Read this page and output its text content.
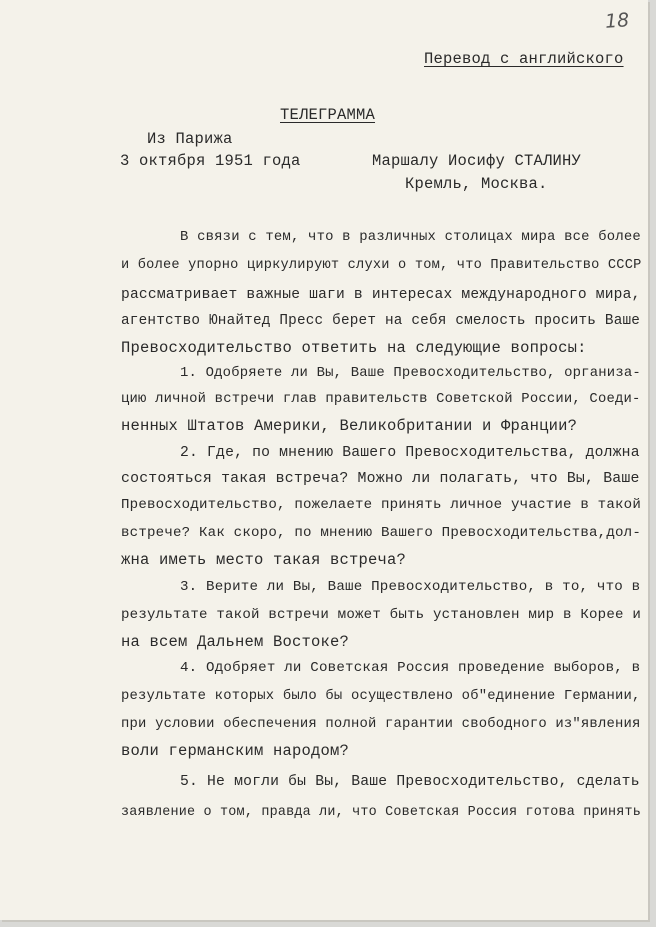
18
Перевод с английского
ТЕЛЕГРАММА
Из Парижа
3 октября 1951 года	Маршалу Иосифу СТАЛИНУ
Кремль, Москва.
В связи с тем, что в различных столицах мира все более
и более упорно циркулируют слухи о том, что Правительство СССР
рассматривает важные шаги в интересах международного мира,
агентство Юнайтед Пресс берет на себя смелость просить Ваше
Превосходительство ответить на следующие вопросы:
1. Одобряете ли Вы, Ваше Превосходительство, организа-
цию личной встречи глав правительств Советской России, Соеди-
ненных Штатов Америки, Великобритании и Франции?
2. Где, по мнению Вашего Превосходительства, должна
состояться такая встреча? Можно ли полагать, что Вы, Ваше
Превосходительство, пожелаете принять личное участие в такой
встрече? Как скоро, по мнению Вашего Превосходительства,дол-
жна иметь место такая встреча?
3. Верите ли Вы, Ваше Превосходительство, в то, что в
результате такой встречи может быть установлен мир в Корее и
на всем Дальнем Востоке?
4. Одобряет ли Советская Россия проведение выборов, в
результате которых было бы осуществлено об"единение Германии,
при условии обеспечения полной гарантии свободного из"явления
воли германским народом?
5. Не могли бы Вы, Ваше Превосходительство, сделать
заявление о том, правда ли, что Советская Россия готова принять
